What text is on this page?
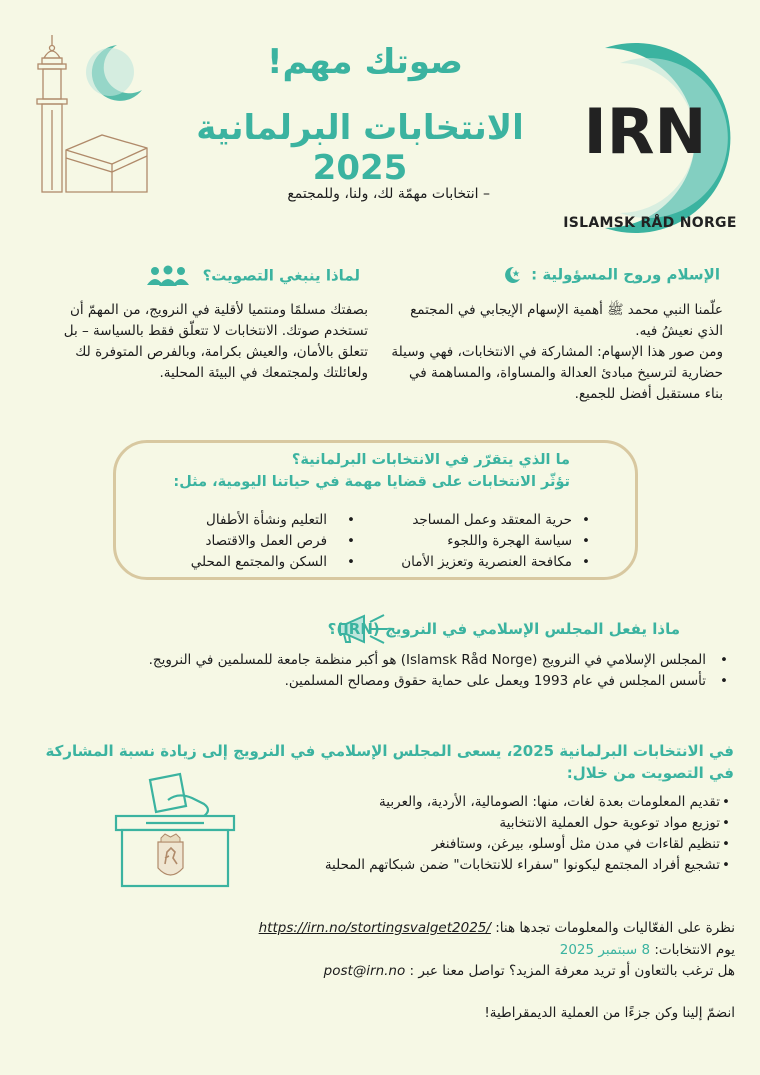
صوتك مهم!
الانتخابات البرلمانية 2025
– انتخابات مهمّة لك، ولنا، وللمجتمع
IRN
ISLAMSK RÅD NORGE
الإسلام وروح المسؤولية :
علّمنا النبي محمد ﷺ أهمية الإسهام الإيجابي في المجتمع الذي نعيشُ فيه.
ومن صور هذا الإسهام: المشاركة في الانتخابات، فهي وسيلة حضارية لترسيخ مبادئ العدالة والمساواة، والمساهمة في بناء مستقبل أفضل للجميع.
لماذا ينبغي التصويت؟
بصفتك مسلمًا ومنتميا لأقلية في النرويج، من المهمّ أن تستخدم صوتك. الانتخابات لا تتعلّق فقط بالسياسة – بل تتعلق بالأمان، والعيش بكرامة، وبالفرص المتوفرة لك ولعائلتك ولمجتمعك في البيئة المحلية.
ما الذي يتقرّر في الانتخابات البرلمانية؟
تؤثّر الانتخابات على قضايا مهمة في حياتنا اليومية، مثل:
• حرية المعتقد وعمل المساجد
• سياسة الهجرة واللجوء
• مكافحة العنصرية وتعزيز الأمان
• التعليم ونشأة الأطفال
• فرص العمل والاقتصاد
• السكن والمجتمع المحلي
ماذا يفعل المجلس الإسلامي في النرويج (IRN)؟
• المجلس الإسلامي في النرويج (Islamsk Råd Norge) هو أكبر منظمة جامعة للمسلمين في النرويج.
• تأسس المجلس في عام 1993 ويعمل على حماية حقوق ومصالح المسلمين.
في الانتخابات البرلمانية 2025، يسعى المجلس الإسلامي في النرويج إلى زيادة نسبة المشاركة في التصويت من خلال:
• تقديم المعلومات بعدة لغات، منها: الصومالية، الأردية، والعربية
• توزيع مواد توعوية حول العملية الانتخابية
• تنظيم لقاءات في مدن مثل أوسلو، بيرغن، وستافنغر
• تشجيع أفراد المجتمع ليكونوا "سفراء للانتخابات" ضمن شبكاتهم المحلية
نظرة على الفعّاليات والمعلومات تجدها هنا: https://irn.no/stortingsvalget2025/
يوم الانتخابات: 8 سبتمبر 2025
هل ترغب بالتعاون أو تريد معرفة المزيد؟ تواصل معنا عبر : post@irn.no
انضمّ إلينا وكن جزءًا من العملية الديمقراطية!
